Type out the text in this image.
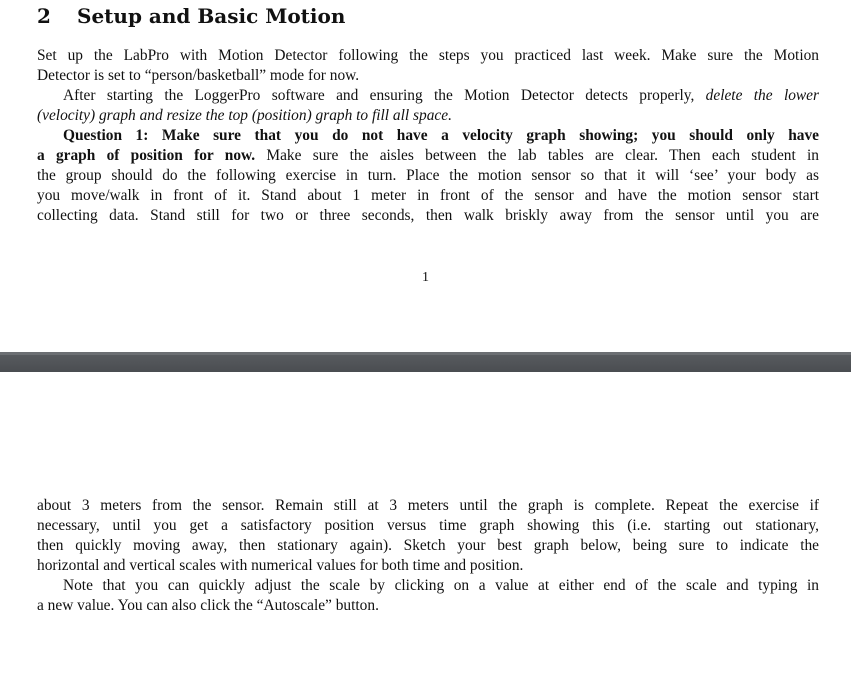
2 Setup and Basic Motion
Set up the LabPro with Motion Detector following the steps you practiced last week. Make sure the Motion
Detector is set to “person/basketball” mode for now.
After starting the LoggerPro software and ensuring the Motion Detector detects properly, delete the lower
(velocity) graph and resize the top (position) graph to fill all space.
Question 1: Make sure that you do not have a velocity graph showing; you should only have
a graph of position for now. Make sure the aisles between the lab tables are clear. Then each student in
the group should do the following exercise in turn. Place the motion sensor so that it will ‘see’ your body as
you move/walk in front of it. Stand about 1 meter in front of the sensor and have the motion sensor start
collecting data. Stand still for two or three seconds, then walk briskly away from the sensor until you are
1
about 3 meters from the sensor. Remain still at 3 meters until the graph is complete. Repeat the exercise if
necessary, until you get a satisfactory position versus time graph showing this (i.e. starting out stationary,
then quickly moving away, then stationary again). Sketch your best graph below, being sure to indicate the
horizontal and vertical scales with numerical values for both time and position.
Note that you can quickly adjust the scale by clicking on a value at either end of the scale and typing in
a new value. You can also click the “Autoscale” button.
